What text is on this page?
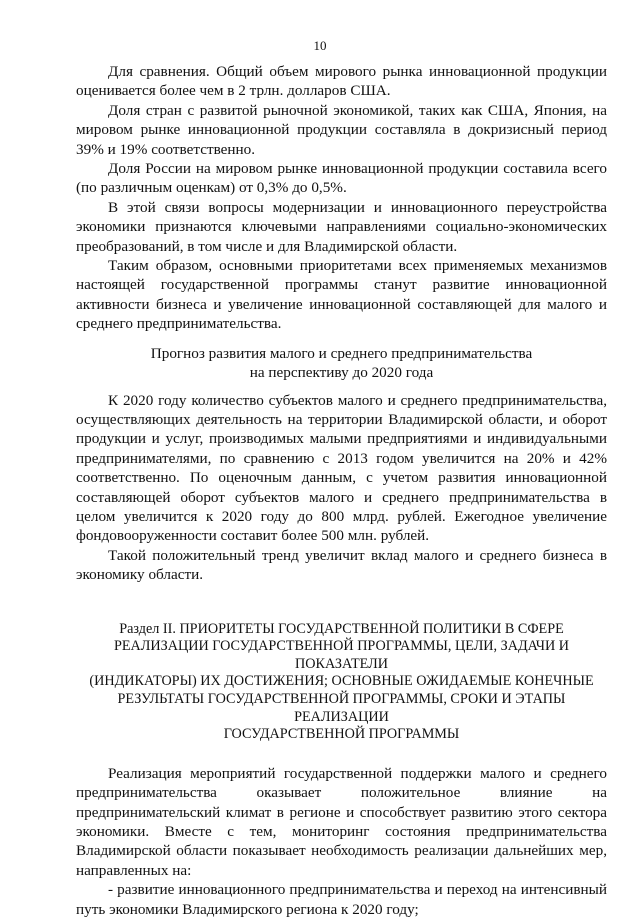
10

Для сравнения. Общий объем мирового рынка инновационной продукции оценивается более чем в 2 трлн. долларов США.

Доля стран с развитой рыночной экономикой, таких как США, Япония, на мировом рынке инновационной продукции составляла в докризисный период 39% и 19% соответственно.

Доля России на мировом рынке инновационной продукции составила всего (по различным оценкам) от 0,3% до 0,5%.

В этой связи вопросы модернизации и инновационного переустройства экономики признаются ключевыми направлениями социально-экономических преобразований, в том числе и для Владимирской области.

Таким образом, основными приоритетами всех применяемых механизмов настоящей государственной программы станут развитие инновационной активности бизнеса и увеличение инновационной составляющей для малого и среднего предпринимательства.

Прогноз развития малого и среднего предпринимательства

на перспективу до 2020 года

К 2020 году количество субъектов малого и среднего предпринимательства, осуществляющих деятельность на территории Владимирской области, и оборот продукции и услуг, производимых малыми предприятиями и индивидуальными предпринимателями, по сравнению с 2013 годом увеличится на 20% и 42% соответственно. По оценочным данным, с учетом развития инновационной составляющей оборот субъектов малого и среднего предпринимательства в целом увеличится к 2020 году до 800 млрд. рублей. Ежегодное увеличение фондовооруженности составит более 500 млн. рублей.

Такой положительный тренд увеличит вклад малого и среднего бизнеса в экономику области.

Раздел II. ПРИОРИТЕТЫ ГОСУДАРСТВЕННОЙ ПОЛИТИКИ В СФЕРЕ
РЕАЛИЗАЦИИ ГОСУДАРСТВЕННОЙ ПРОГРАММЫ, ЦЕЛИ, ЗАДАЧИ И ПОКАЗАТЕЛИ
(ИНДИКАТОРЫ) ИХ ДОСТИЖЕНИЯ; ОСНОВНЫЕ ОЖИДАЕМЫЕ КОНЕЧНЫЕ
РЕЗУЛЬТАТЫ ГОСУДАРСТВЕННОЙ ПРОГРАММЫ, СРОКИ И ЭТАПЫ РЕАЛИЗАЦИИ
ГОСУДАРСТВЕННОЙ ПРОГРАММЫ

Реализация мероприятий государственной поддержки малого и среднего предпринимательства оказывает положительное влияние на предпринимательский климат в регионе и способствует развитию этого сектора экономики. Вместе с тем, мониторинг состояния предпринимательства Владимирской области показывает необходимость реализации дальнейших мер, направленных на:

- развитие инновационного предпринимательства и переход на интенсивный путь экономики Владимирского региона к 2020 году;
